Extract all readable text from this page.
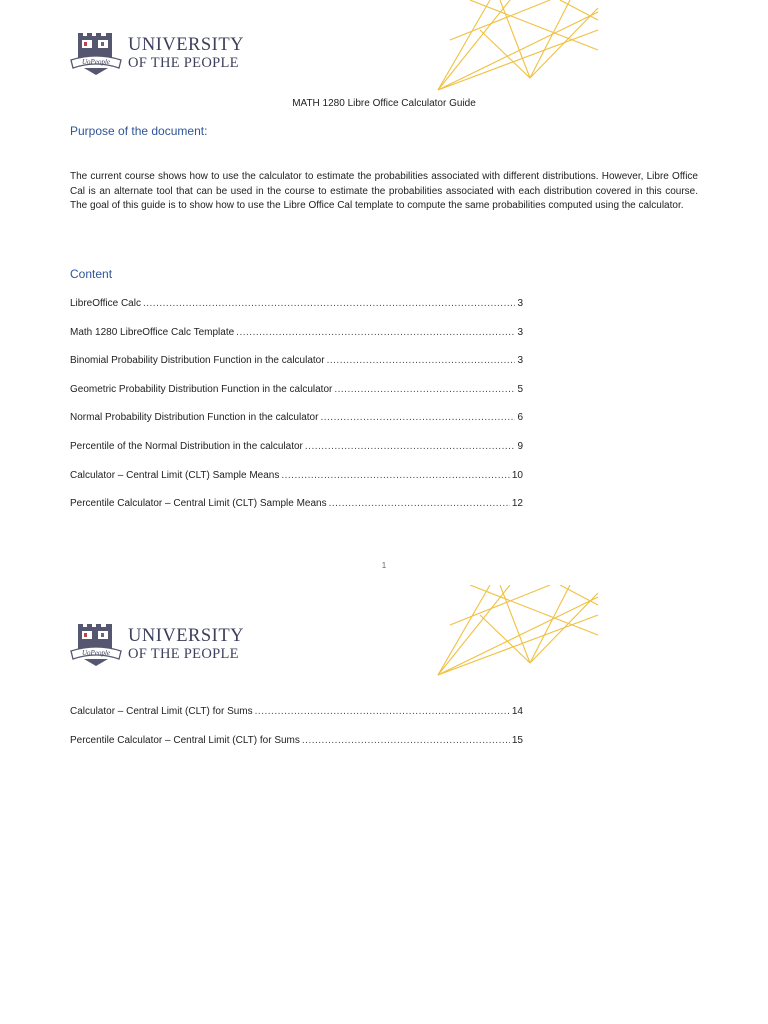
UoPeople
UNIVERSITY
OF THE PEOPLE
MATH 1280 Libre Office Calculator Guide
Purpose of the document:
The current course shows how to use the calculator to estimate the probabilities associated with different distributions. However, Libre Office Cal is an alternate tool that can be used in the course to estimate the probabilities associated with each distribution covered in this course. The goal of this guide is to show how to use the Libre Office Cal template to compute the same probabilities computed using the calculator.
Content
LibreOffice Calc .....	3
Math 1280 LibreOffice Calc Template .....	3
Binomial Probability Distribution Function in the calculator .....	3
Geometric Probability Distribution Function in the calculator .....	5
Normal Probability Distribution Function in the calculator .....	6
Percentile of the Normal Distribution in the calculator .....	9
Calculator – Central Limit (CLT) Sample Means .....	10
Percentile Calculator – Central Limit (CLT) Sample Means .....	12
1
UoPeople
UNIVERSITY
OF THE PEOPLE
Calculator – Central Limit (CLT) for Sums .....	14
Percentile Calculator – Central Limit (CLT) for Sums .....	15
